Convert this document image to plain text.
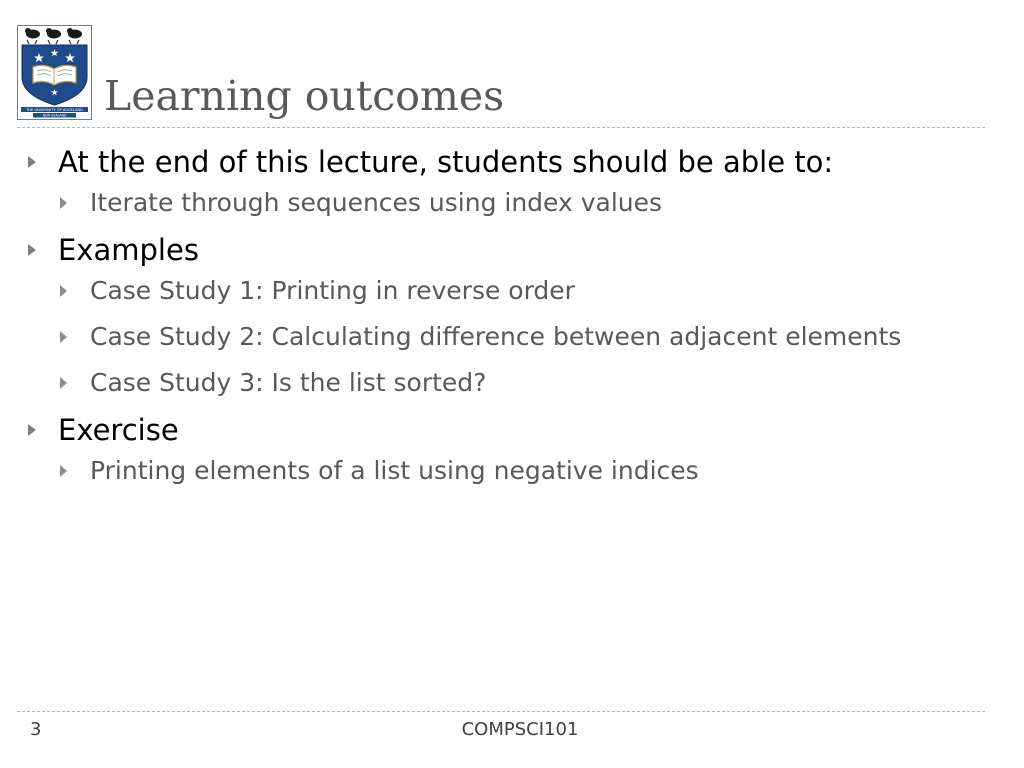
THE UNIVERSITY OF AUCKLAND
NEW ZEALAND Learning outcomes
At the end of this lecture, students should be able to:
Iterate through sequences using index values
Examples
Case Study 1: Printing in reverse order
Case Study 2: Calculating difference between adjacent elements
Case Study 3: Is the list sorted?
Exercise
Printing elements of a list using negative indices
3	COMPSCI101
